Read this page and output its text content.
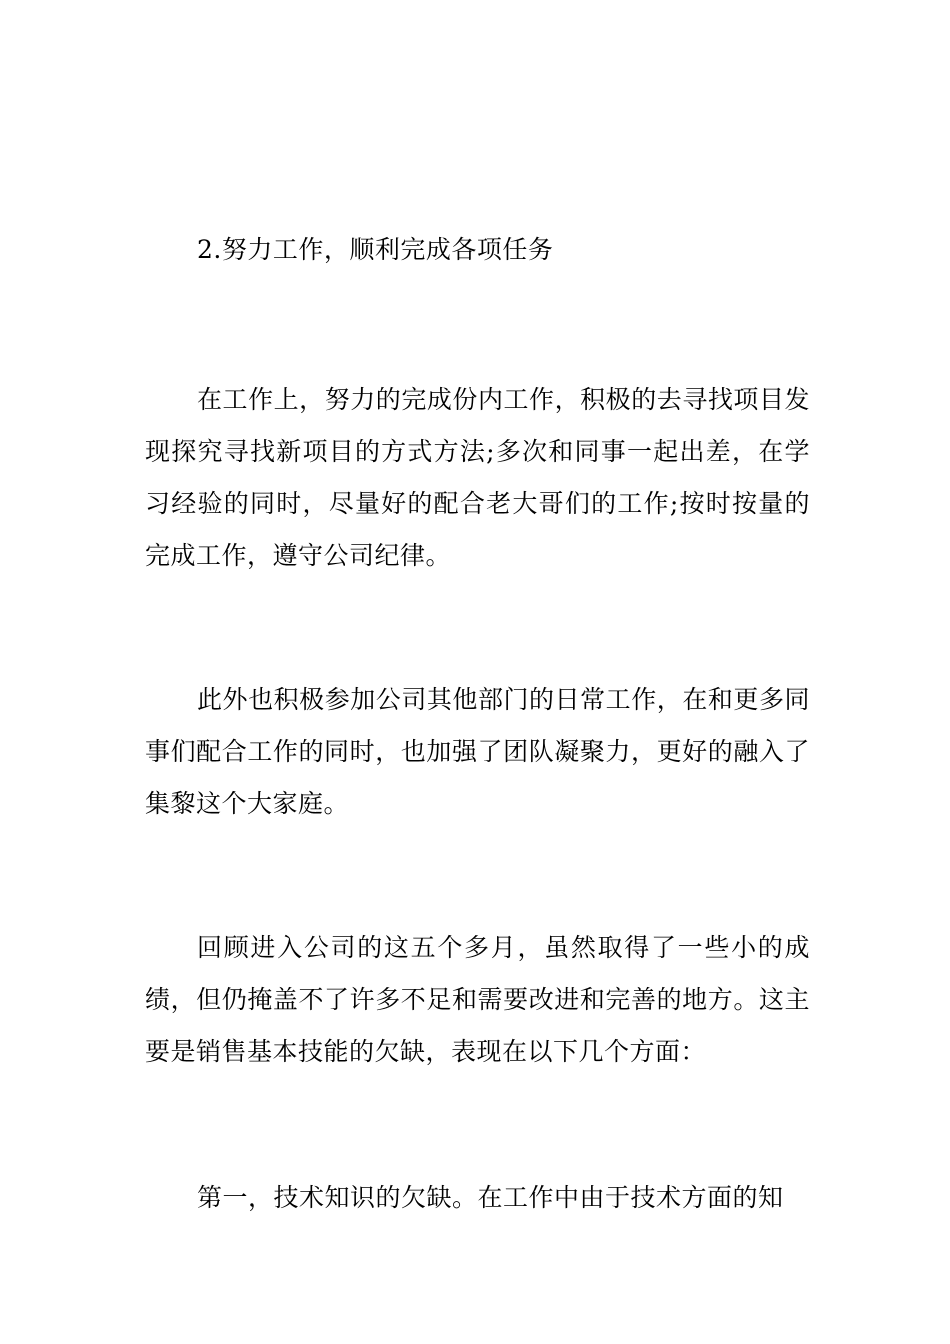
2.努力工作，顺利完成各项任务

在工作上，努力的完成份内工作，积极的去寻找项目发现探究寻找新项目的方式方法;多次和同事一起出差，在学习经验的同时，尽量好的配合老大哥们的工作;按时按量的完成工作，遵守公司纪律。

此外也积极参加公司其他部门的日常工作，在和更多同事们配合工作的同时，也加强了团队凝聚力，更好的融入了集黎这个大家庭。

回顾进入公司的这五个多月，虽然取得了一些小的成绩，但仍掩盖不了许多不足和需要改进和完善的地方。这主要是销售基本技能的欠缺，表现在以下几个方面：

第一，技术知识的欠缺。在工作中由于技术方面的知
